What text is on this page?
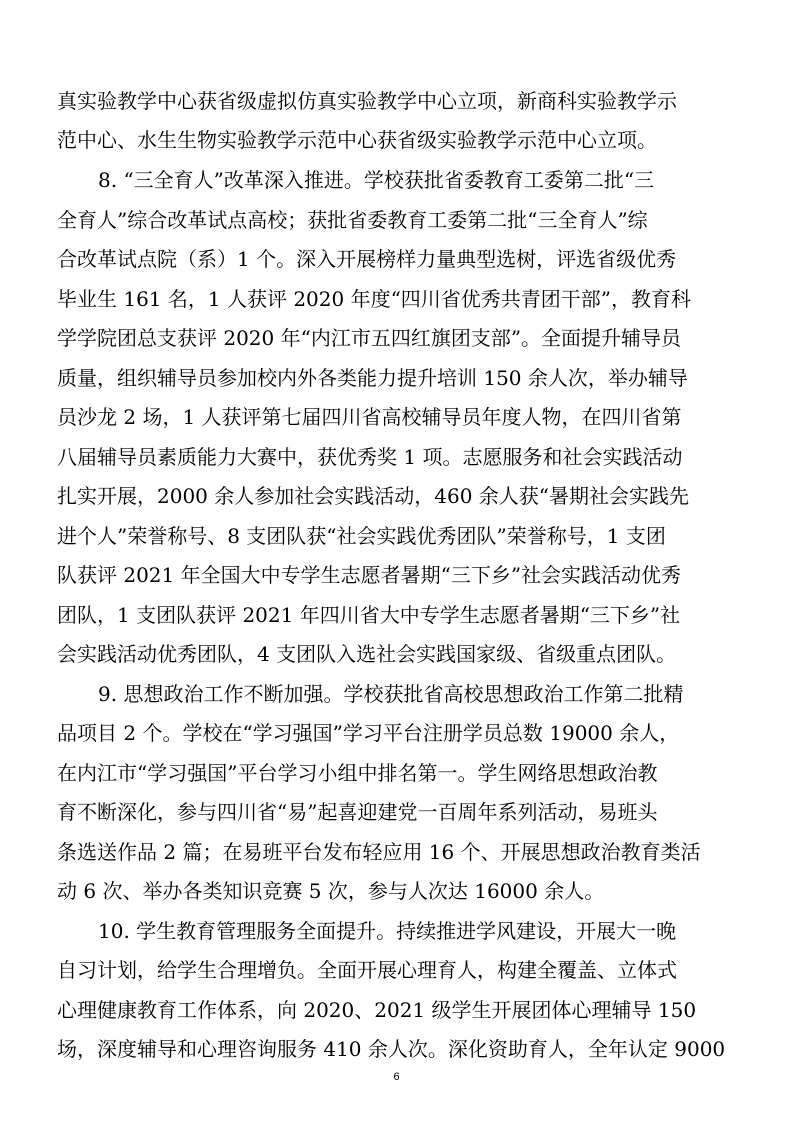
真实验教学中心获省级虚拟仿真实验教学中心立项，新商科实验教学示
范中心、水生生物实验教学示范中心获省级实验教学示范中心立项。
8. “三全育人”改革深入推进。学校获批省委教育工委第二批“三
全育人”综合改革试点高校；获批省委教育工委第二批“三全育人”综
合改革试点院（系）1 个。深入开展榜样力量典型选树，评选省级优秀
毕业生 161 名，1 人获评 2020 年度“四川省优秀共青团干部”，教育科
学学院团总支获评 2020 年“内江市五四红旗团支部”。全面提升辅导员
质量，组织辅导员参加校内外各类能力提升培训 150 余人次，举办辅导
员沙龙 2 场，1 人获评第七届四川省高校辅导员年度人物，在四川省第
八届辅导员素质能力大赛中，获优秀奖 1 项。志愿服务和社会实践活动
扎实开展，2000 余人参加社会实践活动，460 余人获“暑期社会实践先
进个人”荣誉称号、8 支团队获“社会实践优秀团队”荣誉称号，1 支团
队获评 2021 年全国大中专学生志愿者暑期“三下乡”社会实践活动优秀
团队，1 支团队获评 2021 年四川省大中专学生志愿者暑期“三下乡”社
会实践活动优秀团队，4 支团队入选社会实践国家级、省级重点团队。
9. 思想政治工作不断加强。学校获批省高校思想政治工作第二批精
品项目 2 个。学校在“学习强国”学习平台注册学员总数 19000 余人，
在内江市“学习强国”平台学习小组中排名第一。学生网络思想政治教
育不断深化，参与四川省“易”起喜迎建党一百周年系列活动，易班头
条选送作品 2 篇；在易班平台发布轻应用 16 个、开展思想政治教育类活
动 6 次、举办各类知识竞赛 5 次，参与人次达 16000 余人。
10. 学生教育管理服务全面提升。持续推进学风建设，开展大一晚
自习计划，给学生合理增负。全面开展心理育人，构建全覆盖、立体式
心理健康教育工作体系，向 2020、2021 级学生开展团体心理辅导 150
场，深度辅导和心理咨询服务 410 余人次。深化资助育人，全年认定 9000
6
